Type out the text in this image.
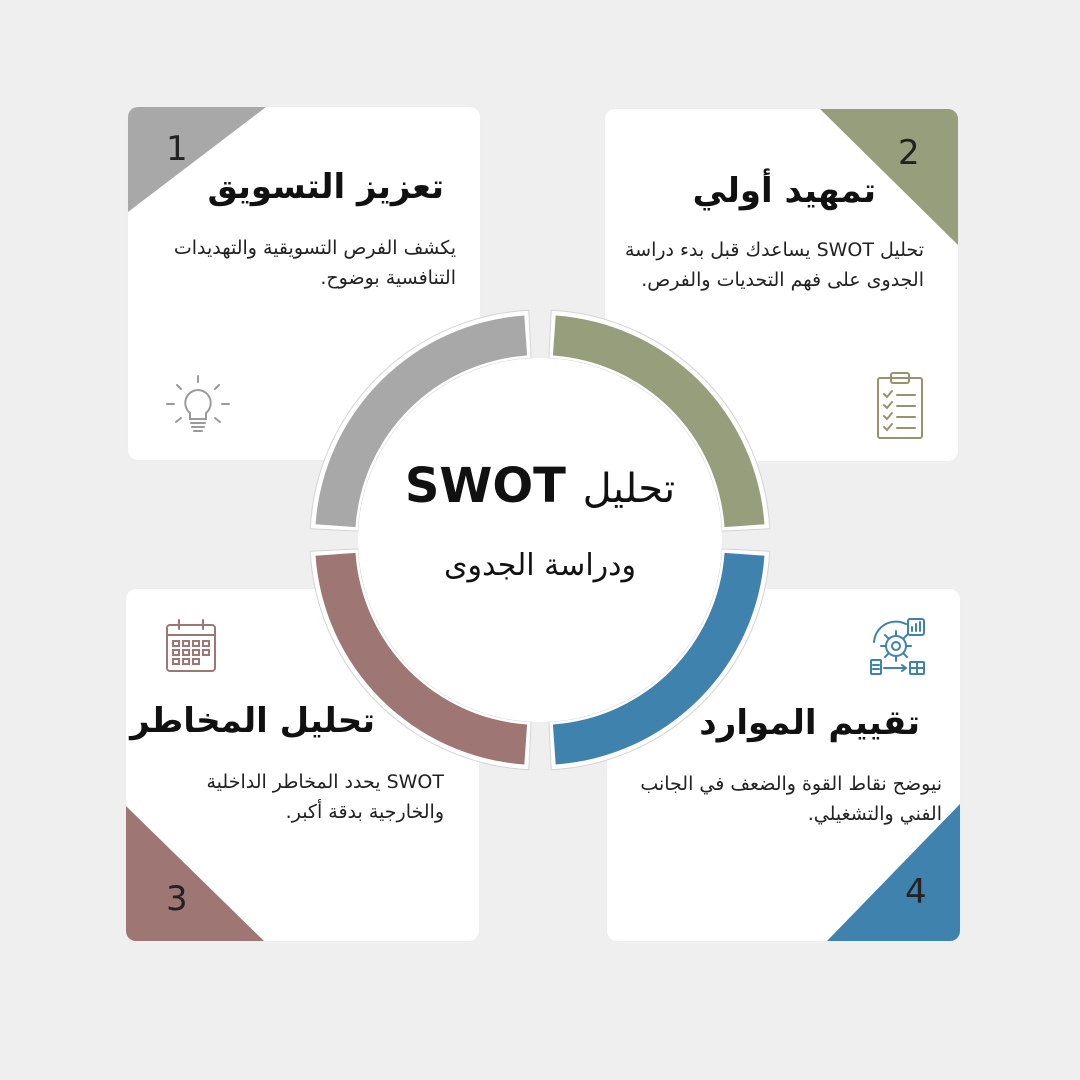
1
تعزيز التسويق
يكشف الفرص التسويقية والتهديدات التنافسية بوضوح.
2
تمهيد أولي
تحليل SWOT يساعدك قبل بدء دراسة الجدوى على فهم التحديات والفرص.
3
تحليل المخاطر
SWOT يحدد المخاطر الداخلية والخارجية بدقة أكبر.
4
تقييم الموارد
نيوضح نقاط القوة والضعف في الجانب الفني والتشغيلي.
تحليل SWOT
ودراسة الجدوى
